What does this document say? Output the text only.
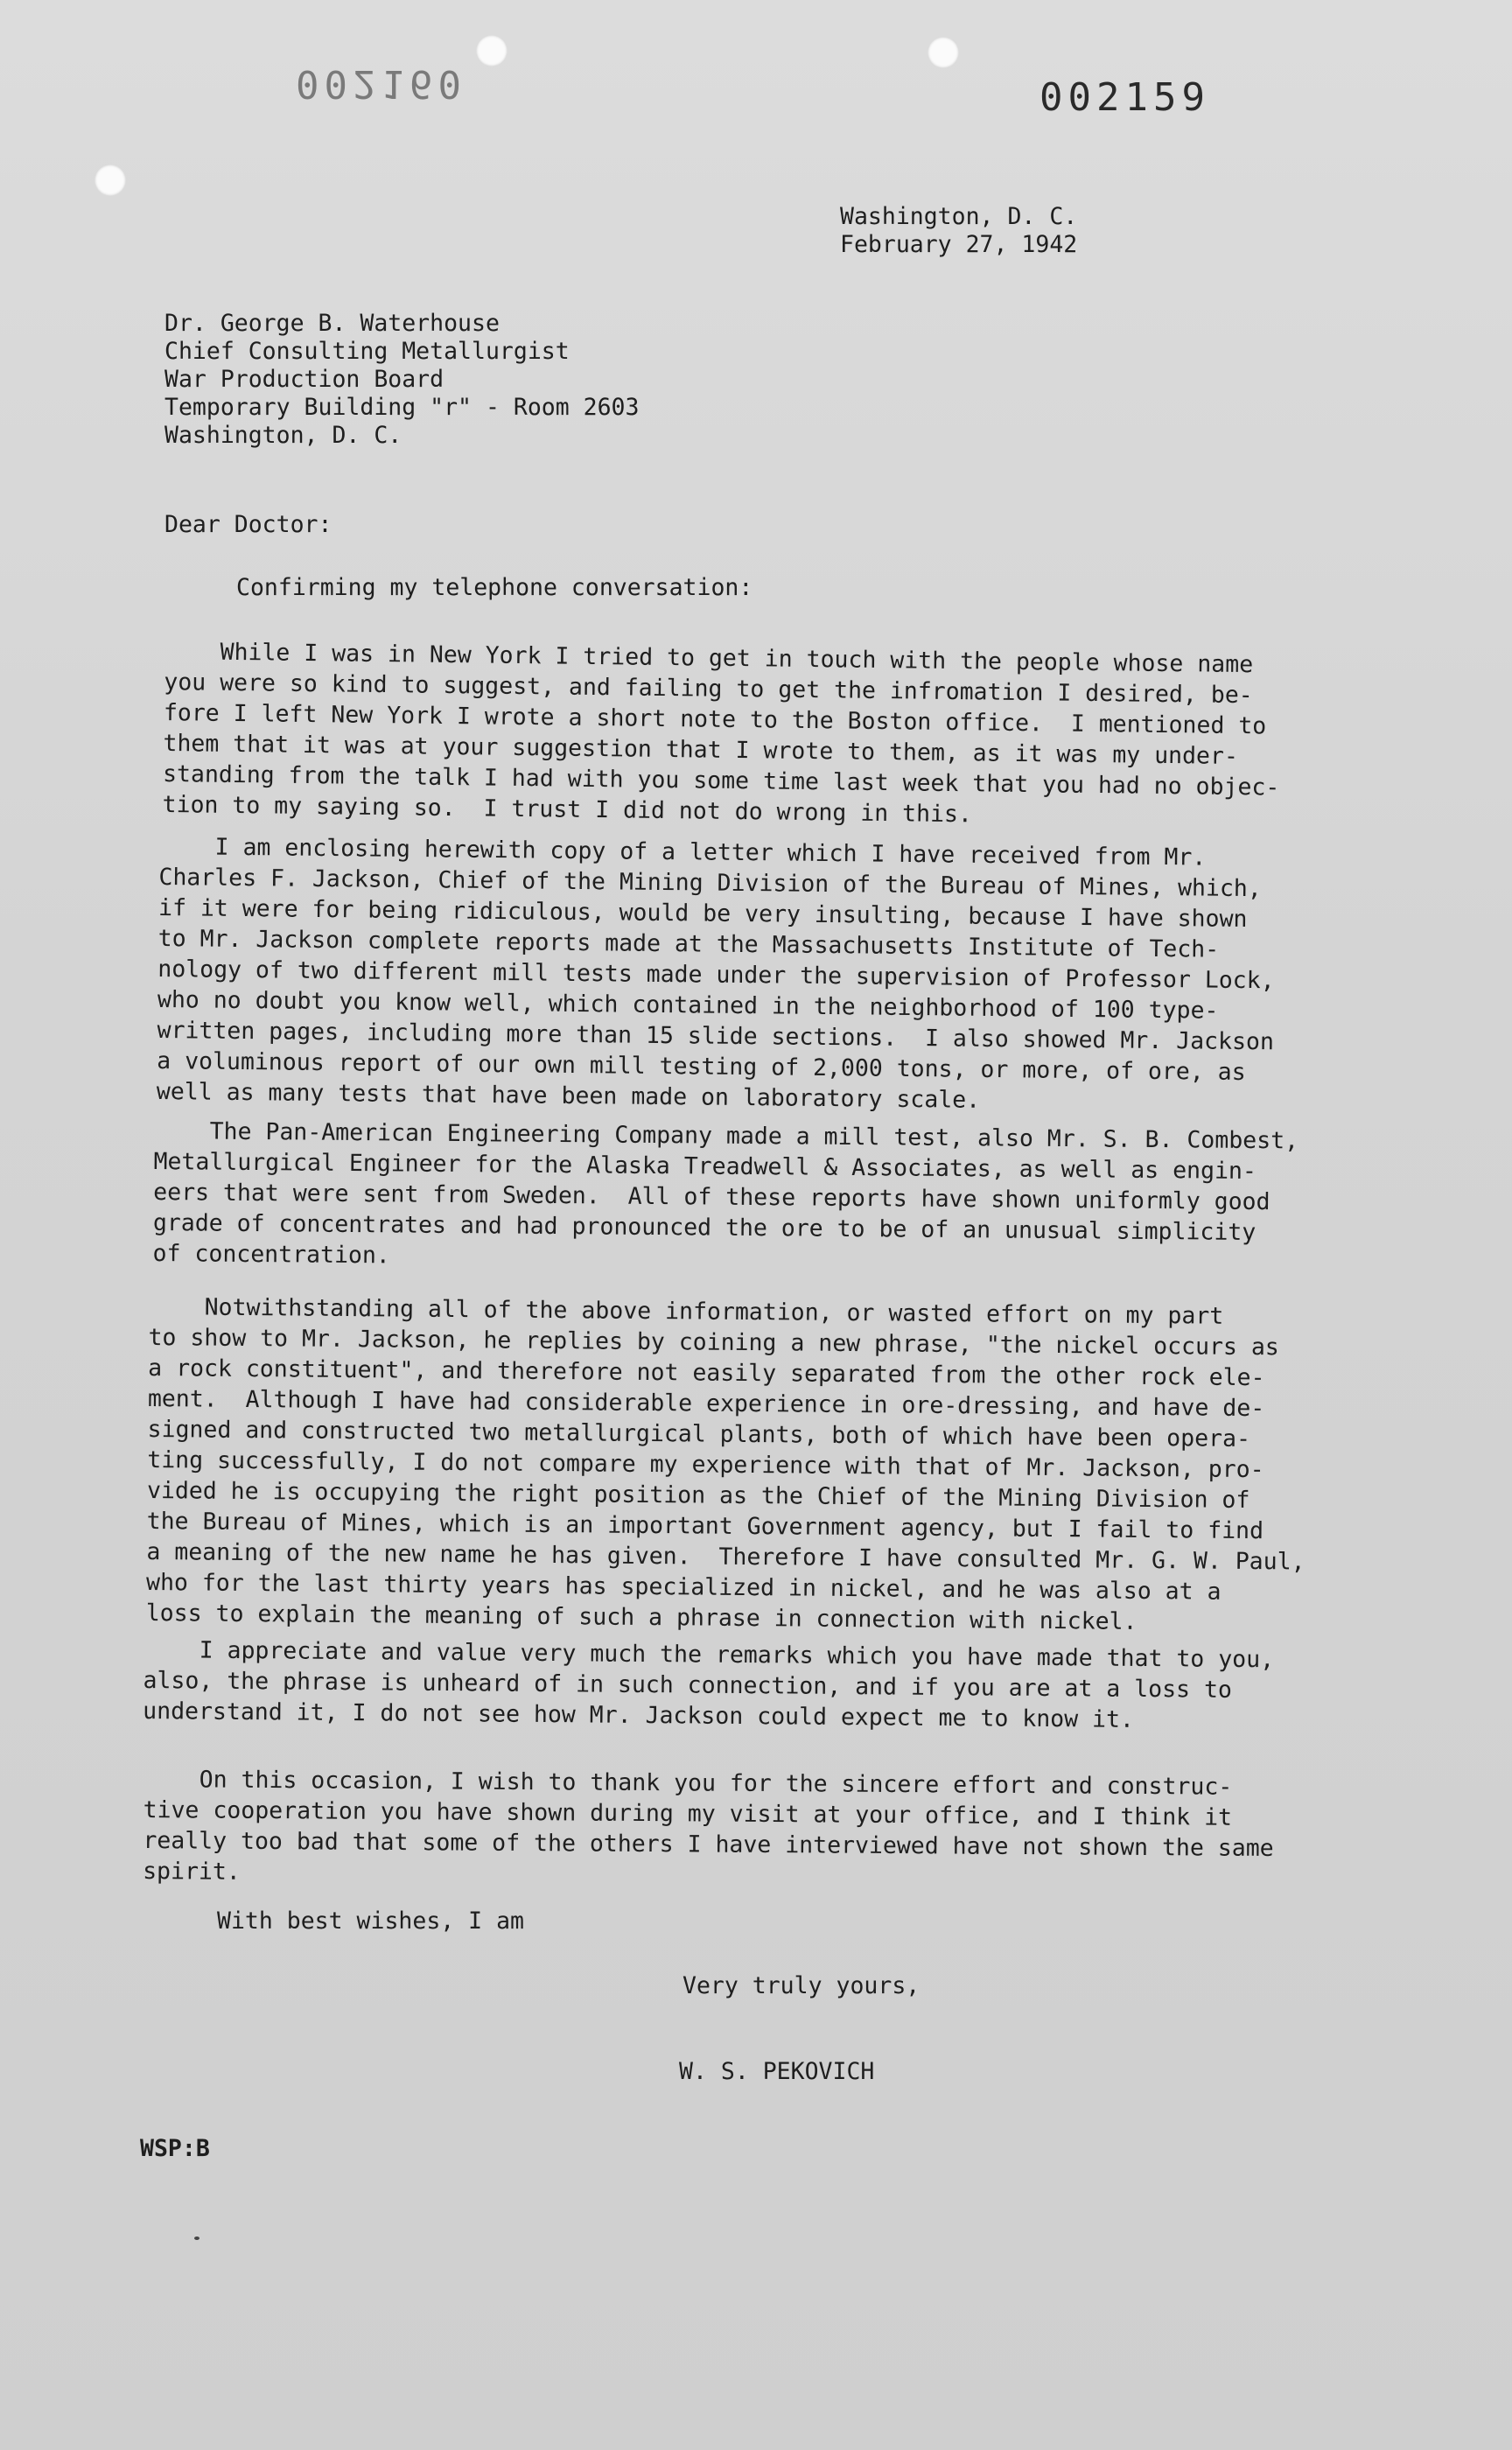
002160	002159
Washington, D. C.
February 27, 1942
Dr. George B. Waterhouse
Chief Consulting Metallurgist
War Production Board
Temporary Building "r" - Room 2603
Washington, D. C.
Dear Doctor:
Confirming my telephone conversation:
While I was in New York I tried to get in touch with the people whose name
you were so kind to suggest, and failing to get the infromation I desired, be-
fore I left New York I wrote a short note to the Boston office.  I mentioned to
them that it was at your suggestion that I wrote to them, as it was my under-
standing from the talk I had with you some time last week that you had no objec-
tion to my saying so.  I trust I did not do wrong in this.
I am enclosing herewith copy of a letter which I have received from Mr.
Charles F. Jackson, Chief of the Mining Division of the Bureau of Mines, which,
if it were for being ridiculous, would be very insulting, because I have shown
to Mr. Jackson complete reports made at the Massachusetts Institute of Tech-
nology of two different mill tests made under the supervision of Professor Lock,
who no doubt you know well, which contained in the neighborhood of 100 type-
written pages, including more than 15 slide sections.  I also showed Mr. Jackson
a voluminous report of our own mill testing of 2,000 tons, or more, of ore, as
well as many tests that have been made on laboratory scale.
The Pan-American Engineering Company made a mill test, also Mr. S. B. Combest,
Metallurgical Engineer for the Alaska Treadwell & Associates, as well as engin-
eers that were sent from Sweden.  All of these reports have shown uniformly good
grade of concentrates and had pronounced the ore to be of an unusual simplicity
of concentration.
Notwithstanding all of the above information, or wasted effort on my part
to show to Mr. Jackson, he replies by coining a new phrase, "the nickel occurs as
a rock constituent", and therefore not easily separated from the other rock ele-
ment.  Although I have had considerable experience in ore-dressing, and have de-
signed and constructed two metallurgical plants, both of which have been opera-
ting successfully, I do not compare my experience with that of Mr. Jackson, pro-
vided he is occupying the right position as the Chief of the Mining Division of
the Bureau of Mines, which is an important Government agency, but I fail to find
a meaning of the new name he has given.  Therefore I have consulted Mr. G. W. Paul,
who for the last thirty years has specialized in nickel, and he was also at a
loss to explain the meaning of such a phrase in connection with nickel.
I appreciate and value very much the remarks which you have made that to you,
also, the phrase is unheard of in such connection, and if you are at a loss to
understand it, I do not see how Mr. Jackson could expect me to know it.
On this occasion, I wish to thank you for the sincere effort and construc-
tive cooperation you have shown during my visit at your office, and I think it
really too bad that some of the others I have interviewed have not shown the same
spirit.
With best wishes, I am
Very truly yours,
W. S. PEKOVICH
WSP:B
